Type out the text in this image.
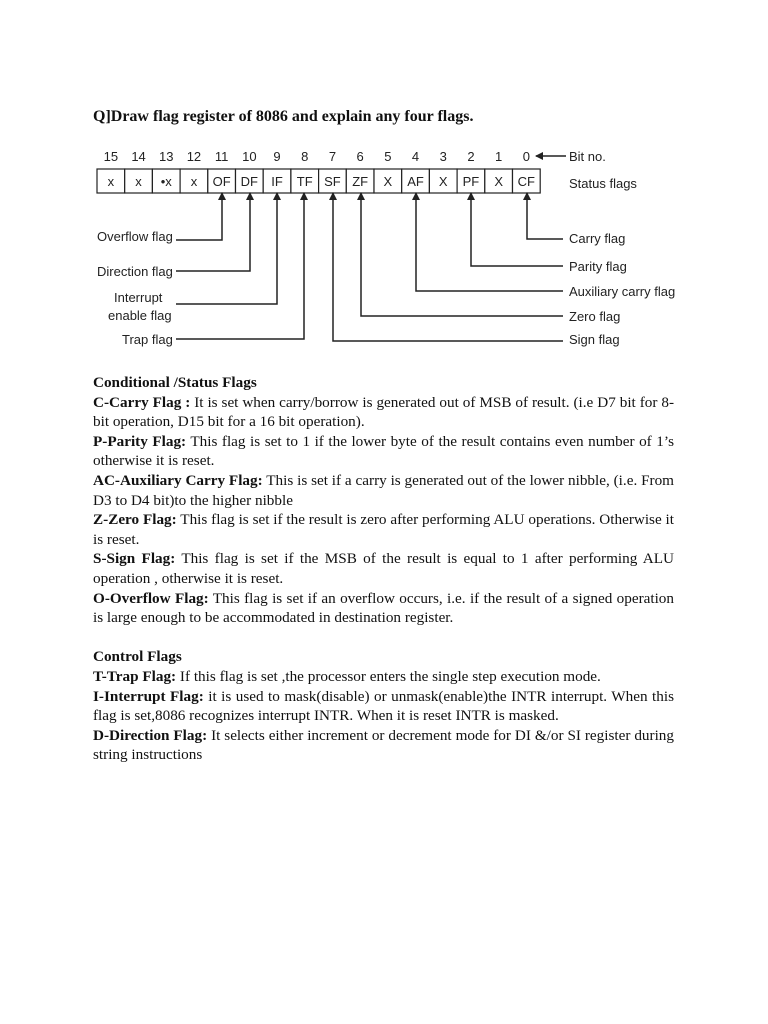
Q]Draw flag register of 8086 and explain any four flags.
15 14 13 12 11 10 9 8 7 6 5 4 3 2 1 0
x x •x x OF DF IF TF SF ZF X AF X PF X CF
Bit no.
Status flags
Overflow flag
Direction flag
Interrupt
enable flag
Trap flag
Carry flag
Parity flag
Auxiliary carry flag
Zero flag
Sign flag
Conditional /Status Flags

C-Carry Flag : It is set when carry/borrow is generated out of MSB of result. (i.e D7 bit for 8-bit operation, D15 bit for a 16 bit operation).

P-Parity Flag: This flag is set to 1 if the lower byte of the result contains even number of 1’s otherwise it is reset.

AC-Auxiliary Carry Flag: This is set if a carry is generated out of the lower nibble, (i.e. From D3 to D4 bit)to the higher nibble

Z-Zero Flag: This flag is set if the result is zero after performing ALU operations. Otherwise it is reset.

S-Sign Flag: This flag is set if the MSB of the result is equal to 1 after performing ALU operation , otherwise it is reset.

O-Overflow Flag: This flag is set if an overflow occurs, i.e. if the result of a signed operation is large enough to be accommodated in destination register.

Control Flags

T-Trap Flag: If this flag is set ,the processor enters the single step execution mode.

I-Interrupt Flag: it is used to mask(disable) or unmask(enable)the INTR interrupt. When this flag is set,8086 recognizes interrupt INTR. When it is reset INTR is masked.

D-Direction Flag: It selects either increment or decrement mode for DI &/or SI register during string instructions
